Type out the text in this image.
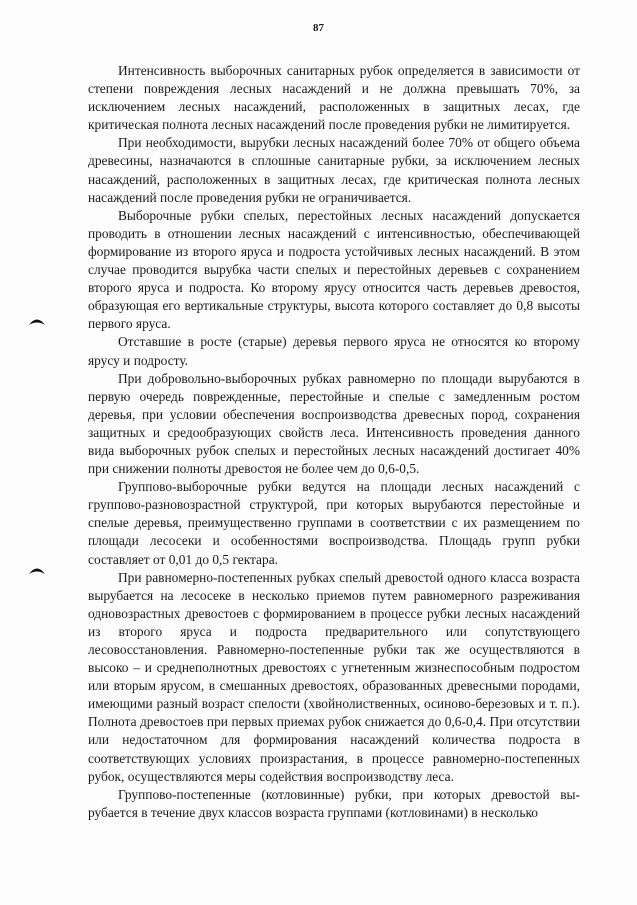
87

Интенсивность выборочных санитарных рубок определяется в зависимости от степени повреждения лесных насаждений и не должна превышать 70%, за исключением лесных насаждений, расположенных в защитных лесах, где критическая полнота лесных насаждений после проведения рубки не лимитируется.

При необходимости, вырубки лесных насаждений более 70% от общего объема древесины, назначаются в сплошные санитарные рубки, за исключением лесных насаждений, расположенных в защитных лесах, где критическая полнота лесных насаждений после проведения рубки не ограничивается.

Выборочные рубки спелых, перестойных лесных насаждений допускается проводить в отношении лесных насаждений с интенсивностью, обеспечивающей формирование из второго яруса и подроста устойчивых лесных насаждений. В этом случае проводится вырубка части спелых и перестойных деревьев с сохранением второго яруса и подроста. Ко второму ярусу относится часть деревьев древостоя, образующая его вертикальные структуры, высота которого составляет до 0,8 высоты первого яруса.

Отставшие в росте (старые) деревья первого яруса не относятся ко второму ярусу и подросту.

При добровольно-выборочных рубках равномерно по площади вырубаются в первую очередь поврежденные, перестойные и спелые с замедленным ростом деревья, при условии обеспечения воспроизводства древесных пород, сохранения защитных и средообразующих свойств леса. Интенсивность проведения данного вида выборочных рубок спелых и перестойных лесных насаждений достигает 40% при снижении полноты древостоя не более чем до 0,6-0,5.

Группово-выборочные рубки ведутся на площади лесных насаждений с группово-разновозрастной структурой, при которых вырубаются перестойные и спелые деревья, преимущественно группами в соответствии с их размещением по площади лесосеки и особенностями воспроизводства. Площадь групп рубки составляет от 0,01 до 0,5 гектара.

При равномерно-постепенных рубках спелый древостой одного класса возраста вырубается на лесосеке в несколько приемов путем равномерного разреживания одновозрастных древостоев с формированием в процессе рубки лесных насаждений из второго яруса и подроста предварительного или сопутствующего лесовосстановления. Равномерно-постепенные рубки так же осуществляются в высоко – и среднеполнотных древостоях с угнетенным жизнеспособным подростом или вторым ярусом, в смешанных древостоях, образованных древесными породами, имеющими разный возраст спелости (хвойнолиственных, осиново-березовых и т. п.). Полнота древостоев при первых приемах рубок снижается до 0,6-0,4. При отсутствии или недостаточном для формирования насаждений количества подроста в соответствующих условиях произрастания, в процессе равномерно-постепенных рубок, осуществляются меры содействия воспроизводству леса.

Группово-постепенные (котловинные) рубки, при которых древостой вырубается в течение двух классов возраста группами (котловинами) в несколько
